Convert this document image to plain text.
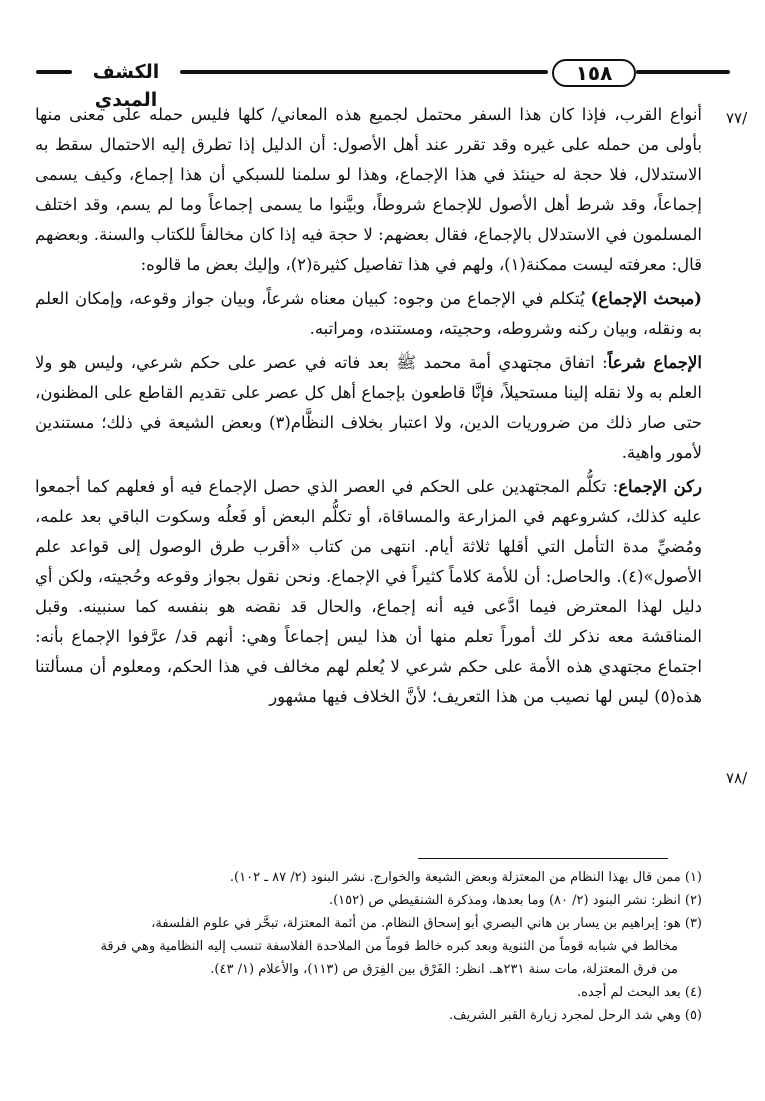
الكشف المبدي
١٥٨
٧٧/
٧٨/

أنواع القرب، فإذا كان هذا السفر محتمل لجميع هذه المعاني/ كلها فليس حمله على معنى منها بأولى من حمله على غيره وقد تقرر عند أهل الأصول: أن الدليل إذا تطرق إليه الاحتمال سقط به الاستدلال، فلا حجة له حينئذ في هذا الإجماع، وهذا لو سلمنا للسبكي أن هذا إجماع، وكيف يسمى إجماعاً، وقد شرط أهل الأصول للإجماع شروطاً، وبيَّنوا ما يسمى إجماعاً وما لم يسم، وقد اختلف المسلمون في الاستدلال بالإجماع، فقال بعضهم: لا حجة فيه إذا كان مخالفاً للكتاب والسنة. وبعضهم قال: معرفته ليست ممكنة(١)، ولهم في هذا تفاصيل كثيرة(٢)، وإليك بعض ما قالوه:

(مبحث الإجماع) يُتكلم في الإجماع من وجوه: كبيان معناه شرعاً، وبيان جواز وقوعه، وإمكان العلم به ونقله، وبيان ركنه وشروطه، وحجيته، ومستنده، ومراتبه.

الإجماع شرعاً: اتفاق مجتهدي أمة محمد ﷺ بعد فاته في عصر على حكم شرعي، وليس هو ولا العلم به ولا نقله إلينا مستحيلاً، فإنَّا قاطعون بإجماع أهل كل عصر على تقديم القاطع على المظنون، حتى صار ذلك من ضروريات الدين، ولا اعتبار بخلاف النظَّام(٣) وبعض الشيعة في ذلك؛ مستندين لأمور واهية.

ركن الإجماع: تكلُّم المجتهدين على الحكم في العصر الذي حصل الإجماع فيه أو فعلهم كما أجمعوا عليه كذلك، كشروعهم في المزارعة والمساقاة، أو تكلُّم البعض أو فَعلُه وسكوت الباقي بعد علمه، ومُضيِّ مدة التأمل التي أقلها ثلاثة أيام. انتهى من كتاب «أقرب طرق الوصول إلى قواعد علم الأصول»(٤). والحاصل: أن للأمة كلاماً كثيراً في الإجماع. ونحن نقول بجواز وقوعه وحُجيته، ولكن أي دليل لهذا المعترض فيما ادَّعى فيه أنه إجماع، والحال قد نقضه هو بنفسه كما سنبينه. وقبل المناقشة معه نذكر لك أموراً تعلم منها أن هذا ليس إجماعاً وهي: أنهم قد/ عرَّفوا الإجماع بأنه: اجتماع مجتهدي هذه الأمة على حكم شرعي لا يُعلم لهم مخالف في هذا الحكم، ومعلوم أن مسألتنا هذه(٥) ليس لها نصيب من هذا التعريف؛ لأنَّ الخلاف فيها مشهور

(١) ممن قال بهذا النظام من المعتزلة وبعض الشيعة والخوارج. نشر البنود (٢/ ٨٧ ـ ١٠٢).

(٢) انظر: نشر البنود (٢/ ٨٠) وما بعدها، ومذكرة الشنقيطي ص (١٥٢).

(٣) هو: إبراهيم بن يسار بن هاني البصري أبو إسحاق النظام. من أئمة المعتزلة، تبحَّر في علوم الفلسفة،

مخالط في شبابه قوماً من الثنوية وبعد كبره خالط قوماً من الملاحدة الفلاسفة تنسب إليه النظامية وهي فرقة

من فرق المعتزلة، مات سنة ٢٣١هـ. انظر: الفَرْق بين الفِرَق ص (١١٣)، والأعلام (١/ ٤٣).

(٤) بعد البحث لم أجده.

(٥) وهي شد الرحل لمجرد زيارة القبر الشريف.
